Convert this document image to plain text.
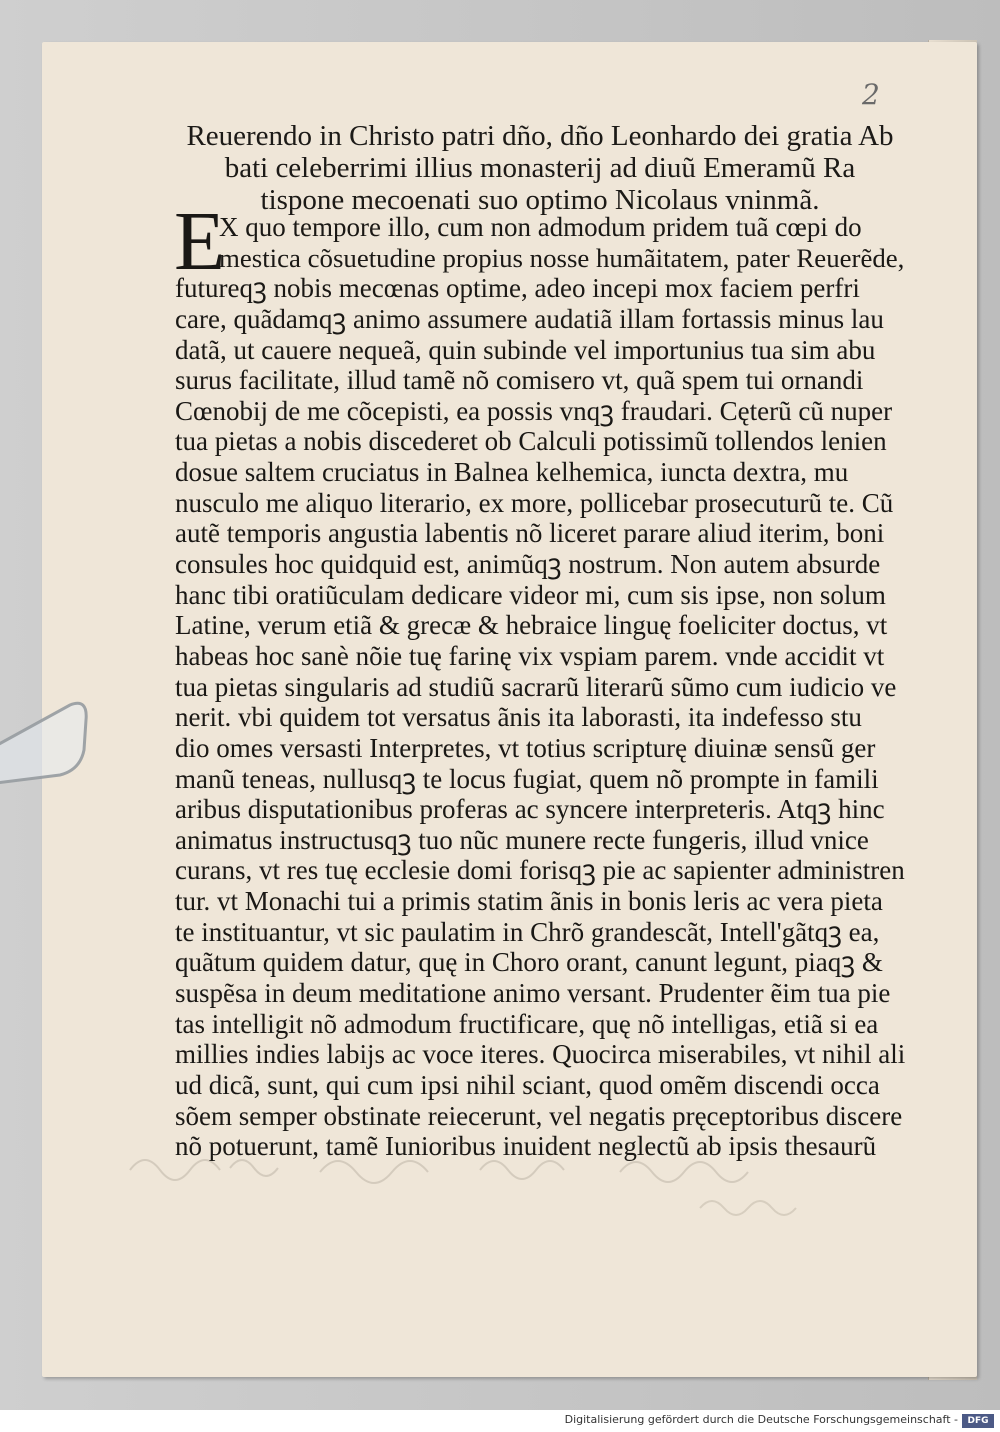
2
Reuerendo in Christo patri dño, dño Leonhardo dei gratia Ab
bati celeberrimi illius monasterij ad diuũ Emeramũ Ra
tispone mecoenati suo optimo Nicolaus vninmã.
E
X quo tempore illo, cum non admodum pridem tuã cœpi do
mestica cõsuetudine propius nosse humãitatem, pater Reuerẽde,
futureqꝫ nobis mecœnas optime, adeo incepi mox faciem perfri
care, quãdamqꝫ animo assumere audatiã illam fortassis minus lau
datã, ut cauere nequeã, quin subinde vel importunius tua sim abu
surus facilitate, illud tamẽ nõ comisero vt, quã spem tui ornandi
Cœnobij de me cõcepisti, ea possis vnqꝫ fraudari. Cęterũ cũ nuper
tua pietas a nobis discederet ob Calculi potissimũ tollendos lenien
dosue saltem cruciatus in Balnea kelhemica, iuncta dextra, mu
nusculo me aliquo literario, ex more, pollicebar prosecuturũ te. Cũ
autẽ temporis angustia labentis nõ liceret parare aliud iterim, boni
consules hoc quidquid est, animũqꝫ nostrum. Non autem absurde
hanc tibi oratiũculam dedicare videor mi, cum sis ipse, non solum
Latine, verum etiã & grecæ & hebraice linguę foeliciter doctus, vt
habeas hoc sanè nõie tuę farinę vix vspiam parem. vnde accidit vt
tua pietas singularis ad studiũ sacrarũ literarũ sũmo cum iudicio ve
nerit. vbi quidem tot versatus ãnis ita laborasti, ita indefesso stu
dio omes versasti Interpretes, vt totius scripturę diuinæ sensũ ger
manũ teneas, nullusqꝫ te locus fugiat, quem nõ prompte in famili
aribus disputationibus proferas ac syncere interpreteris. Atqꝫ hinc
animatus instructusqꝫ tuo nũc munere recte fungeris, illud vnice
curans, vt res tuę ecclesie domi forisqꝫ pie ac sapienter administren
tur. vt Monachi tui a primis statim ãnis in bonis leris ac vera pieta
te instituantur, vt sic paulatim in Chrõ grandescãt, Intell'gãtqꝫ ea,
quãtum quidem datur, quę in Choro orant, canunt legunt, piaqꝫ &
suspẽsa in deum meditatione animo versant. Prudenter ẽim tua pie
tas intelligit nõ admodum fructificare, quę nõ intelligas, etiã si ea
millies indies labijs ac voce iteres. Quocirca miserabiles, vt nihil ali
ud dicã, sunt, qui cum ipsi nihil sciant, quod omẽm discendi occa
sõem semper obstinate reiecerunt, vel negatis pręceptoribus discere
nõ potuerunt, tamẽ Iunioribus inuident neglectũ ab ipsis thesaurũ
Digitalisierung gefördert durch die Deutsche Forschungsgemeinschaft -	DFG
